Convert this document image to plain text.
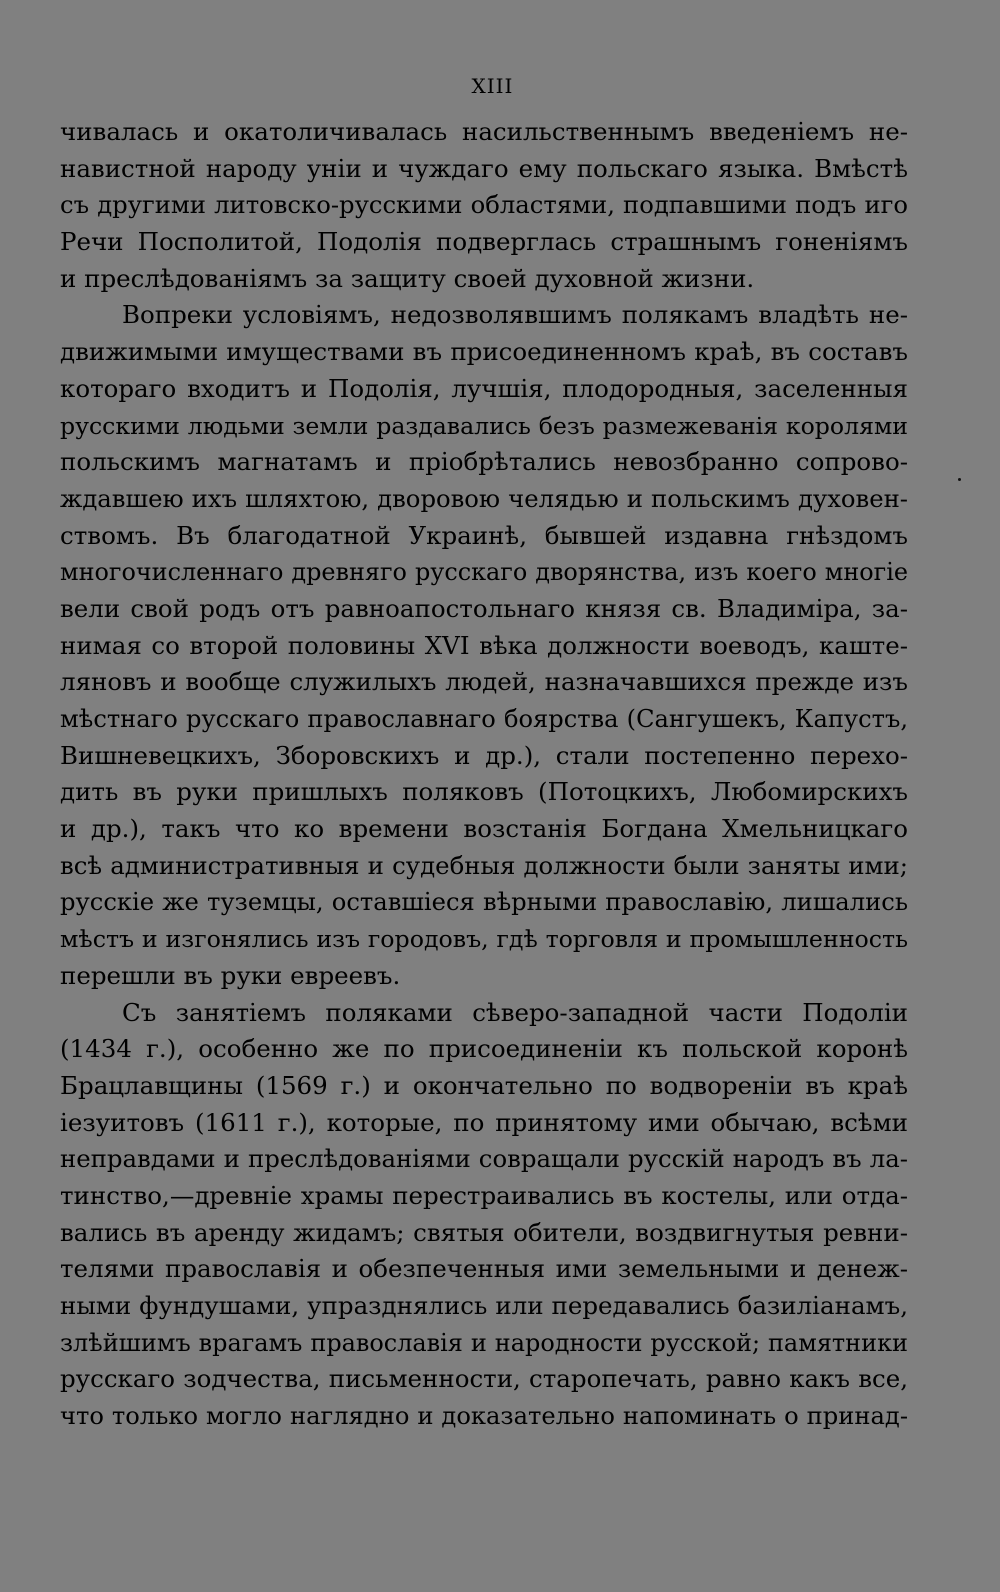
XIII
чивалась и окатоличивалась насильственнымъ введенiемъ не-
навистной народу унiи и чуждаго ему польскаго языка. Вмѣстѣ
съ другими литовско-русскими областями, подпавшими подъ иго
Речи Посполитой, Подолiя подверглась страшнымъ гоненiямъ
и преслѣдованiямъ за защиту своей духовной жизни.
Вопреки условiямъ, недозволявшимъ полякамъ владѣть не-
движимыми имуществами въ присоединенномъ краѣ, въ составъ
котораго входитъ и Подолiя, лучшiя, плодородныя, заселенныя
русскими людьми земли раздавались безъ размежеванiя королями
польскимъ магнатамъ и прiобрѣтались невозбранно сопрово-
ждавшею ихъ шляхтою, дворовою челядью и польскимъ духовен-
ствомъ. Въ благодатной Украинѣ, бывшей издавна гнѣздомъ
многочисленнаго древняго русскаго дворянства, изъ коего многiе
вели свой родъ отъ равноапостольнаго князя св. Владимiра, за-
нимая со второй половины XVI вѣка должности воеводъ, каште-
ляновъ и вообще служилыхъ людей, назначавшихся прежде изъ
мѣстнаго русскаго православнаго боярства (Сангушекъ, Капустъ,
Вишневецкихъ, Зборовскихъ и др.), стали постепенно перехо-
дить въ руки пришлыхъ поляковъ (Потоцкихъ, Любомирскихъ
и др.), такъ что ко времени возстанiя Богдана Хмельницкаго
всѣ административныя и судебныя должности были заняты ими;
русскiе же туземцы, оставшiеся вѣрными православiю, лишались
мѣстъ и изгонялись изъ городовъ, гдѣ торговля и промышленность
перешли въ руки евреевъ.
Съ занятiемъ поляками сѣверо-западной части Подолiи
(1434 г.), особенно же по присоединенiи къ польской коронѣ
Брацлавщины (1569 г.) и окончательно по водворенiи въ краѣ
iезуитовъ (1611 г.), которые, по принятому ими обычаю, всѣми
неправдами и преслѣдованiями совращали русскiй народъ въ ла-
тинство,—древнiе храмы перестраивались въ костелы, или отда-
вались въ аренду жидамъ; святыя обители, воздвигнутыя ревни-
телями православiя и обезпеченныя ими земельными и денеж-
ными фундушами, упразднялись или передавались базилiанамъ,
злѣйшимъ врагамъ православiя и народности русской; памятники
русскаго зодчества, письменности, старопечать, равно какъ все,
что только могло наглядно и доказательно напоминать о принад-
